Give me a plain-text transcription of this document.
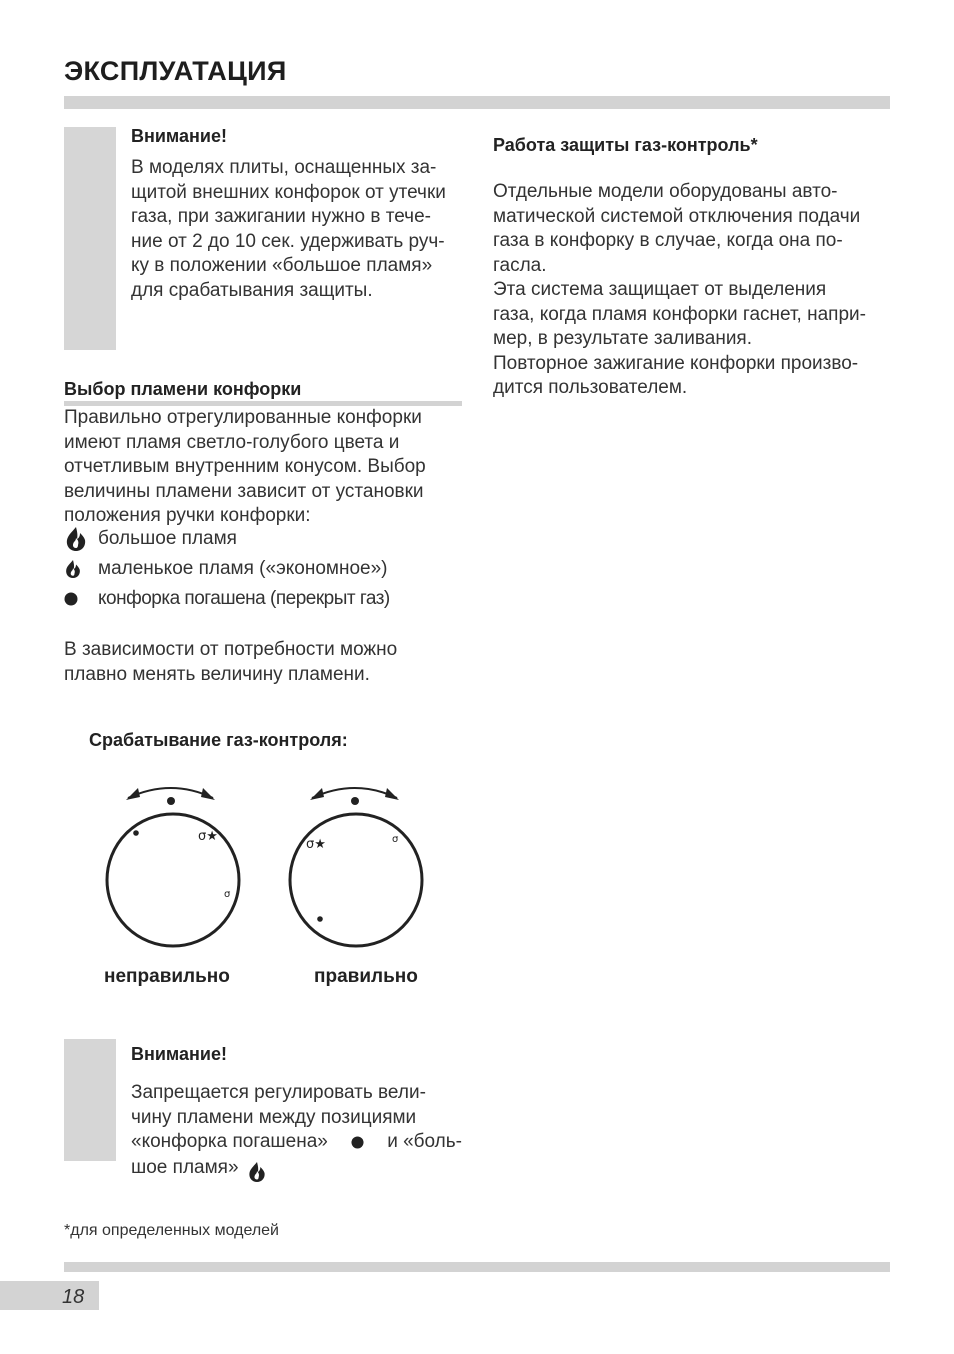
ЭКСПЛУАТАЦИЯ
Внимание!

В моделях плиты, оснащенных за-

щитой внешних конфорок от утечки

газа, при зажигании нужно в тече-

ние от 2 до 10 сек. удерживать руч-

ку в положении «большое пламя»

для срабатывания защиты.

Выбор пламени конфорки

Правильно отрегулированные конфорки

имеют пламя светло-голубого цвета и

отчетливым внутренним конусом. Выбор

величины пламени зависит от установки

положения ручки конфорки:

большое пламя
маленькое пламя («экономное»)
конфорка погашена (перекрыт газ)

В зависимости от потребности можно

плавно менять величину пламени.

Срабатывание газ-контроля:
σ★
σ
σ★	σ
неправильно	правильно
Внимание!

Запрещается регулировать вели-

чину пламени между позициями

«конфорка погашена»	и «боль-

шое пламя»

*для определенных моделей
Работа защиты газ-контроль*

Отдельные модели оборудованы авто-

матической системой отключения подачи

газа в конфорку в случае, когда она по-

гасла.

Эта система защищает от выделения

газа, когда пламя конфорки гаснет, напри-

мер, в результате заливания.

Повторное зажигание конфорки произво-

дится пользователем.

18
